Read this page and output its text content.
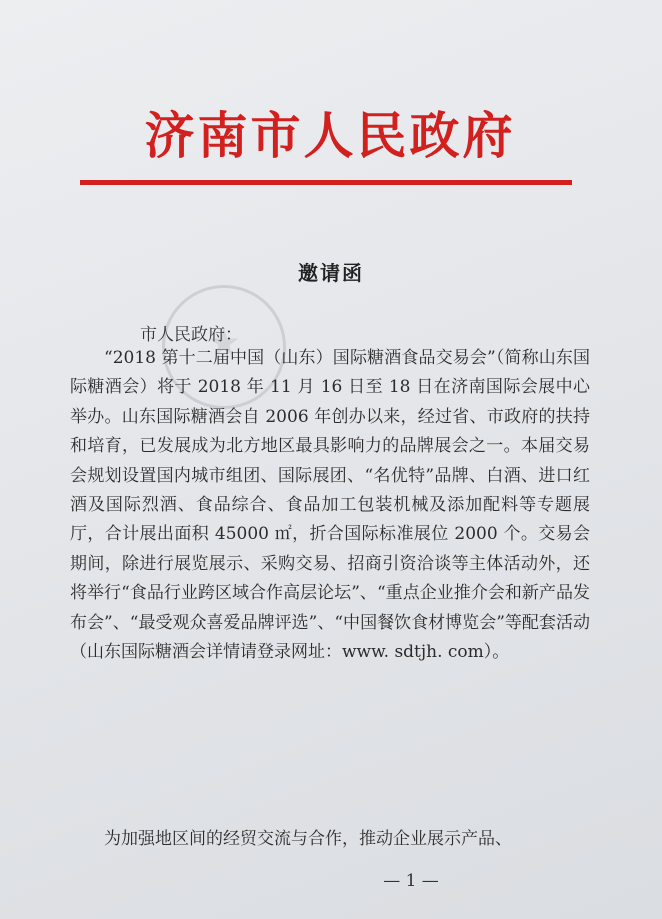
济南市人民政府
邀请函
市人民政府：

“2018 第十二届中国（山东）国际糖酒食品交易会”（简称山东国际糖酒会）将于 2018 年 11 月 16 日至 18 日在济南国际会展中心举办。山东国际糖酒会自 2006 年创办以来，经过省、市政府的扶持和培育，已发展成为北方地区最具影响力的品牌展会之一。本届交易会规划设置国内城市组团、国际展团、“名优特”品牌、白酒、进口红酒及国际烈酒、食品综合、食品加工包装机械及添加配料等专题展厅，合计展出面积 45000 ㎡，折合国际标准展位 2000 个。交易会期间，除进行展览展示、采购交易、招商引资洽谈等主体活动外，还将举行“食品行业跨区域合作高层论坛”、“重点企业推介会和新产品发布会”、“最受观众喜爱品牌评选”、“中国餐饮食材博览会”等配套活动（山东国际糖酒会详情请登录网址：www. sdtjh. com）。

为加强地区间的经贸交流与合作，推动企业展示产品、

— 1 —
